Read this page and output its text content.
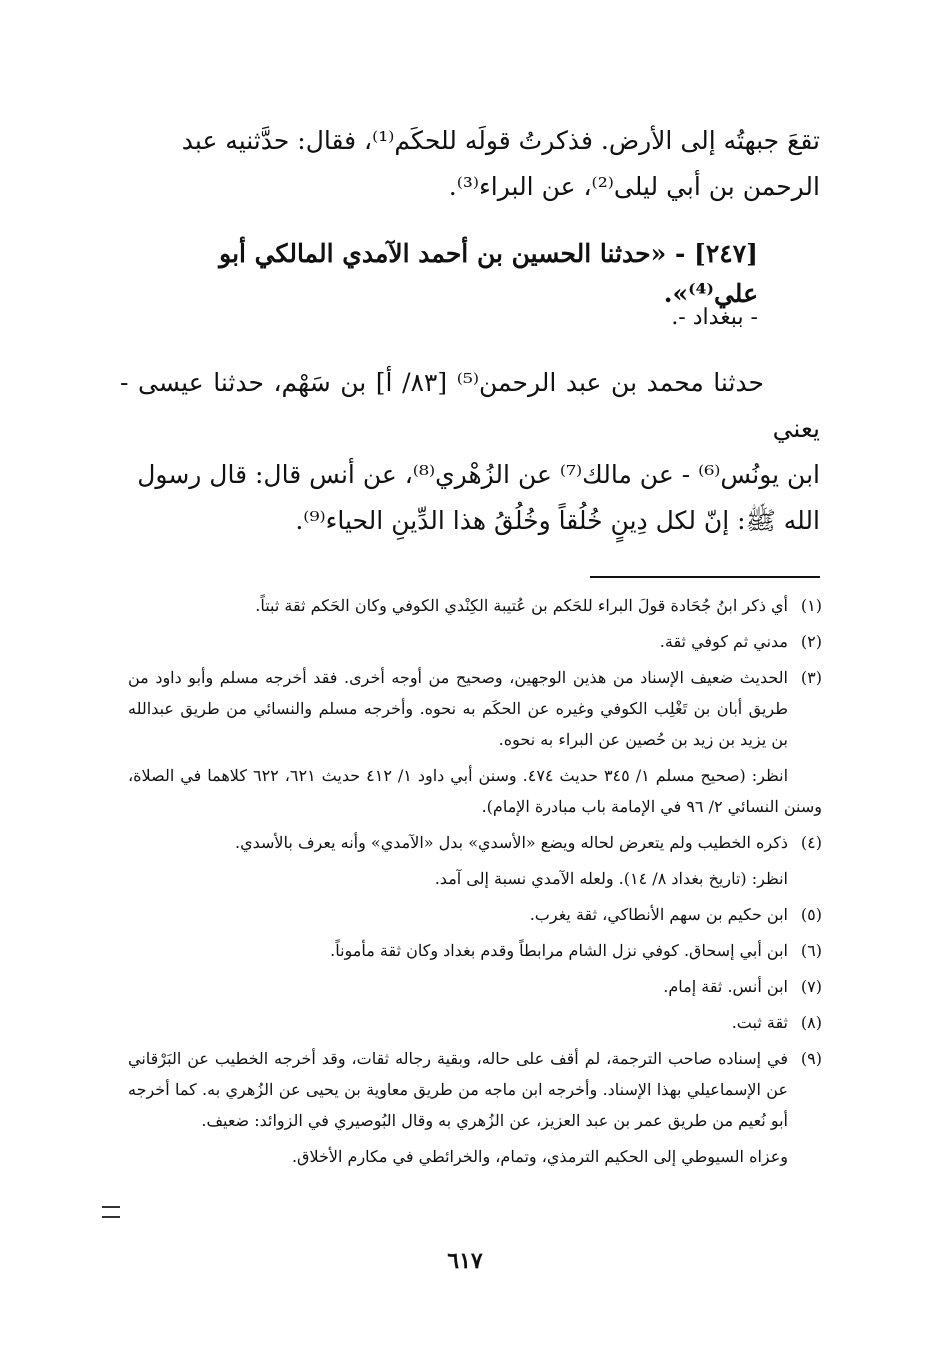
تقعَ جبهتُه إلى الأرض. فذكرتُ قولَه للحكَم⁽¹⁾، فقال: حدَّثنيه عبد

الرحمن بن أبي ليلى⁽²⁾، عن البراء⁽³⁾.

[٢٤٧] - «حدثنا الحسين بن أحمد الآمدي المالكي أبو علي⁽⁴⁾».
- ببغداد -.

حدثنا محمد بن عبد الرحمن⁽⁵⁾ [٨٣/ أ] بن سَهْم، حدثنا عيسى - يعني

ابن يونُس⁽⁶⁾ - عن مالك⁽⁷⁾ عن الزُهْري⁽⁸⁾، عن أنس قال: قال رسول

الله ﷺ: إنّ لكل دِينٍ خُلُقاً وخُلُقُ هذا الدِّينِ الحياء⁽⁹⁾.

(١)أي ذكر ابنُ جُحَادة قولَ البراء للحَكم بن عُتيبة الكِنْدي الكوفي وكان الحَكم ثقة ثبتاً.

(٢)مدني ثم كوفي ثقة.

(٣)الحديث ضعيف الإسناد من هذين الوجهين، وصحيح من أوجه أخرى. فقد أخرجه مسلم وأبو داود من طريق أبان بن تَغْلِب الكوفي وغيره عن الحكَم به نحوه. وأخرجه مسلم والنسائي من طريق عبدالله بن يزيد بن زيد بن حُصين عن البراء به نحوه.

انظر: (صحيح مسلم ١/ ٣٤٥ حديث ٤٧٤. وسنن أبي داود ١/ ٤١٢ حديث ٦٢١، ٦٢٢ كلاهما في الصلاة، وسنن النسائي ٢/ ٩٦ في الإمامة باب مبادرة الإمام).

(٤)ذكره الخطيب ولم يتعرض لحاله ويضع «الأسدي» بدل «الآمدي» وأنه يعرف بالأسدي.

انظر: (تاريخ بغداد ٨/ ١٤). ولعله الآمدي نسبة إلى آمد.

(٥)ابن حكيم بن سهم الأنطاكي، ثقة يغرب.

(٦)ابن أبي إسحاق. كوفي نزل الشام مرابطاً وقدم بغداد وكان ثقة مأموناً.

(٧)ابن أنس. ثقة إمام.

(٨)ثقة ثبت.

(٩)في إسناده صاحب الترجمة، لم أقف على حاله، وبقية رجاله ثقات، وقد أخرجه الخطيب عن البَرْقاني عن الإسماعيلي بهذا الإسناد. وأخرجه ابن ماجه من طريق معاوية بن يحيى عن الزُهري به. كما أخرجه أبو نُعيم من طريق عمر بن عبد العزيز، عن الزُهري به وقال البُوصيري في الزوائد: ضعيف.

وعزاه السيوطي إلى الحكيم الترمذي، وتمام، والخرائطي في مكارم الأخلاق.

٦١٧
